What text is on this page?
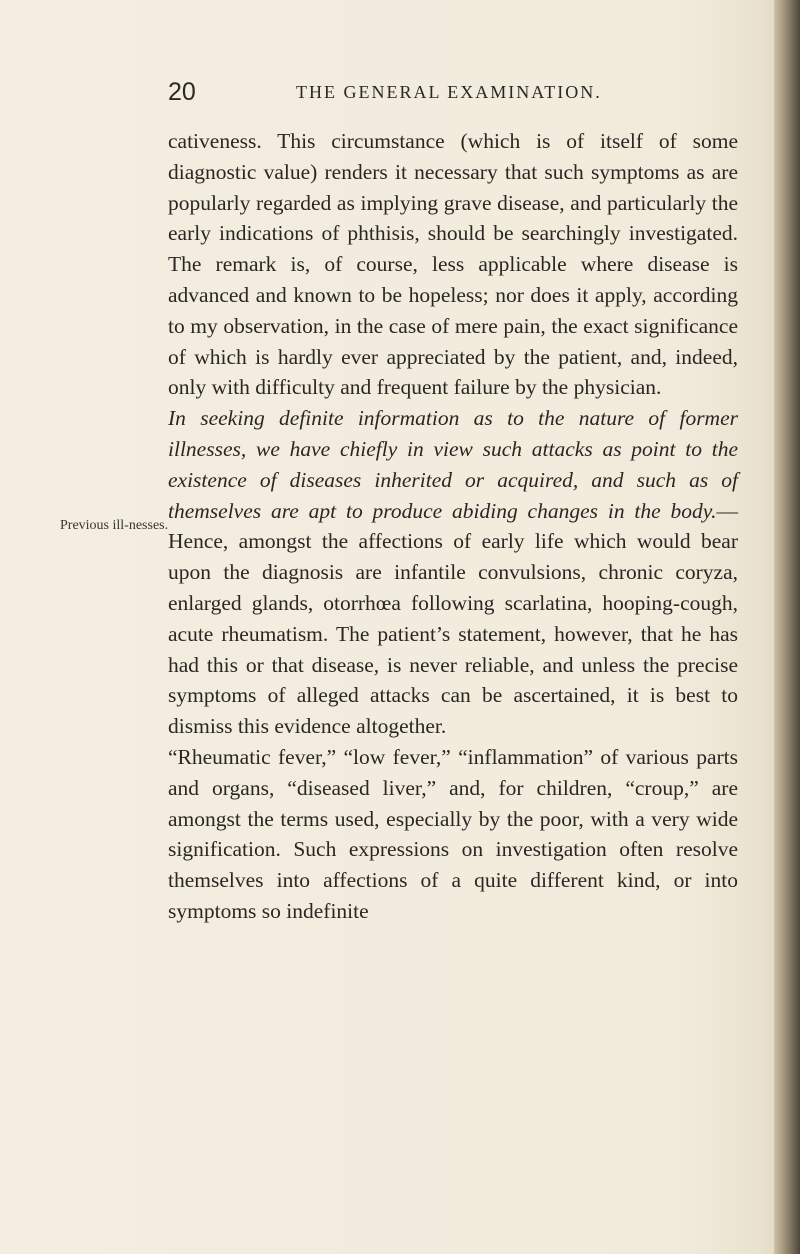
20	THE GENERAL EXAMINATION.
Previous ill-nesses.

cativeness. This circumstance (which is of itself of some diagnostic value) renders it necessary that such symptoms as are popularly regarded as implying grave disease, and particularly the early indications of phthisis, should be searchingly investigated. The remark is, of course, less applicable where disease is advanced and known to be hopeless; nor does it apply, according to my observation, in the case of mere pain, the exact significance of which is hardly ever appreciated by the patient, and, indeed, only with difficulty and frequent failure by the physician.

In seeking definite information as to the nature of former illnesses, we have chiefly in view such attacks as point to the existence of diseases inherited or acquired, and such as of themselves are apt to produce abiding changes in the body.—Hence, amongst the affections of early life which would bear upon the diagnosis are infantile convulsions, chronic coryza, enlarged glands, otorrhœa following scarlatina, hooping-cough, acute rheumatism. The patient’s statement, however, that he has had this or that disease, is never reliable, and unless the precise symptoms of alleged attacks can be ascertained, it is best to dismiss this evidence altogether.

“Rheumatic fever,” “low fever,” “inflammation” of various parts and organs, “diseased liver,” and, for children, “croup,” are amongst the terms used, especially by the poor, with a very wide signification. Such expressions on investigation often resolve themselves into affections of a quite different kind, or into symptoms so indefinite
